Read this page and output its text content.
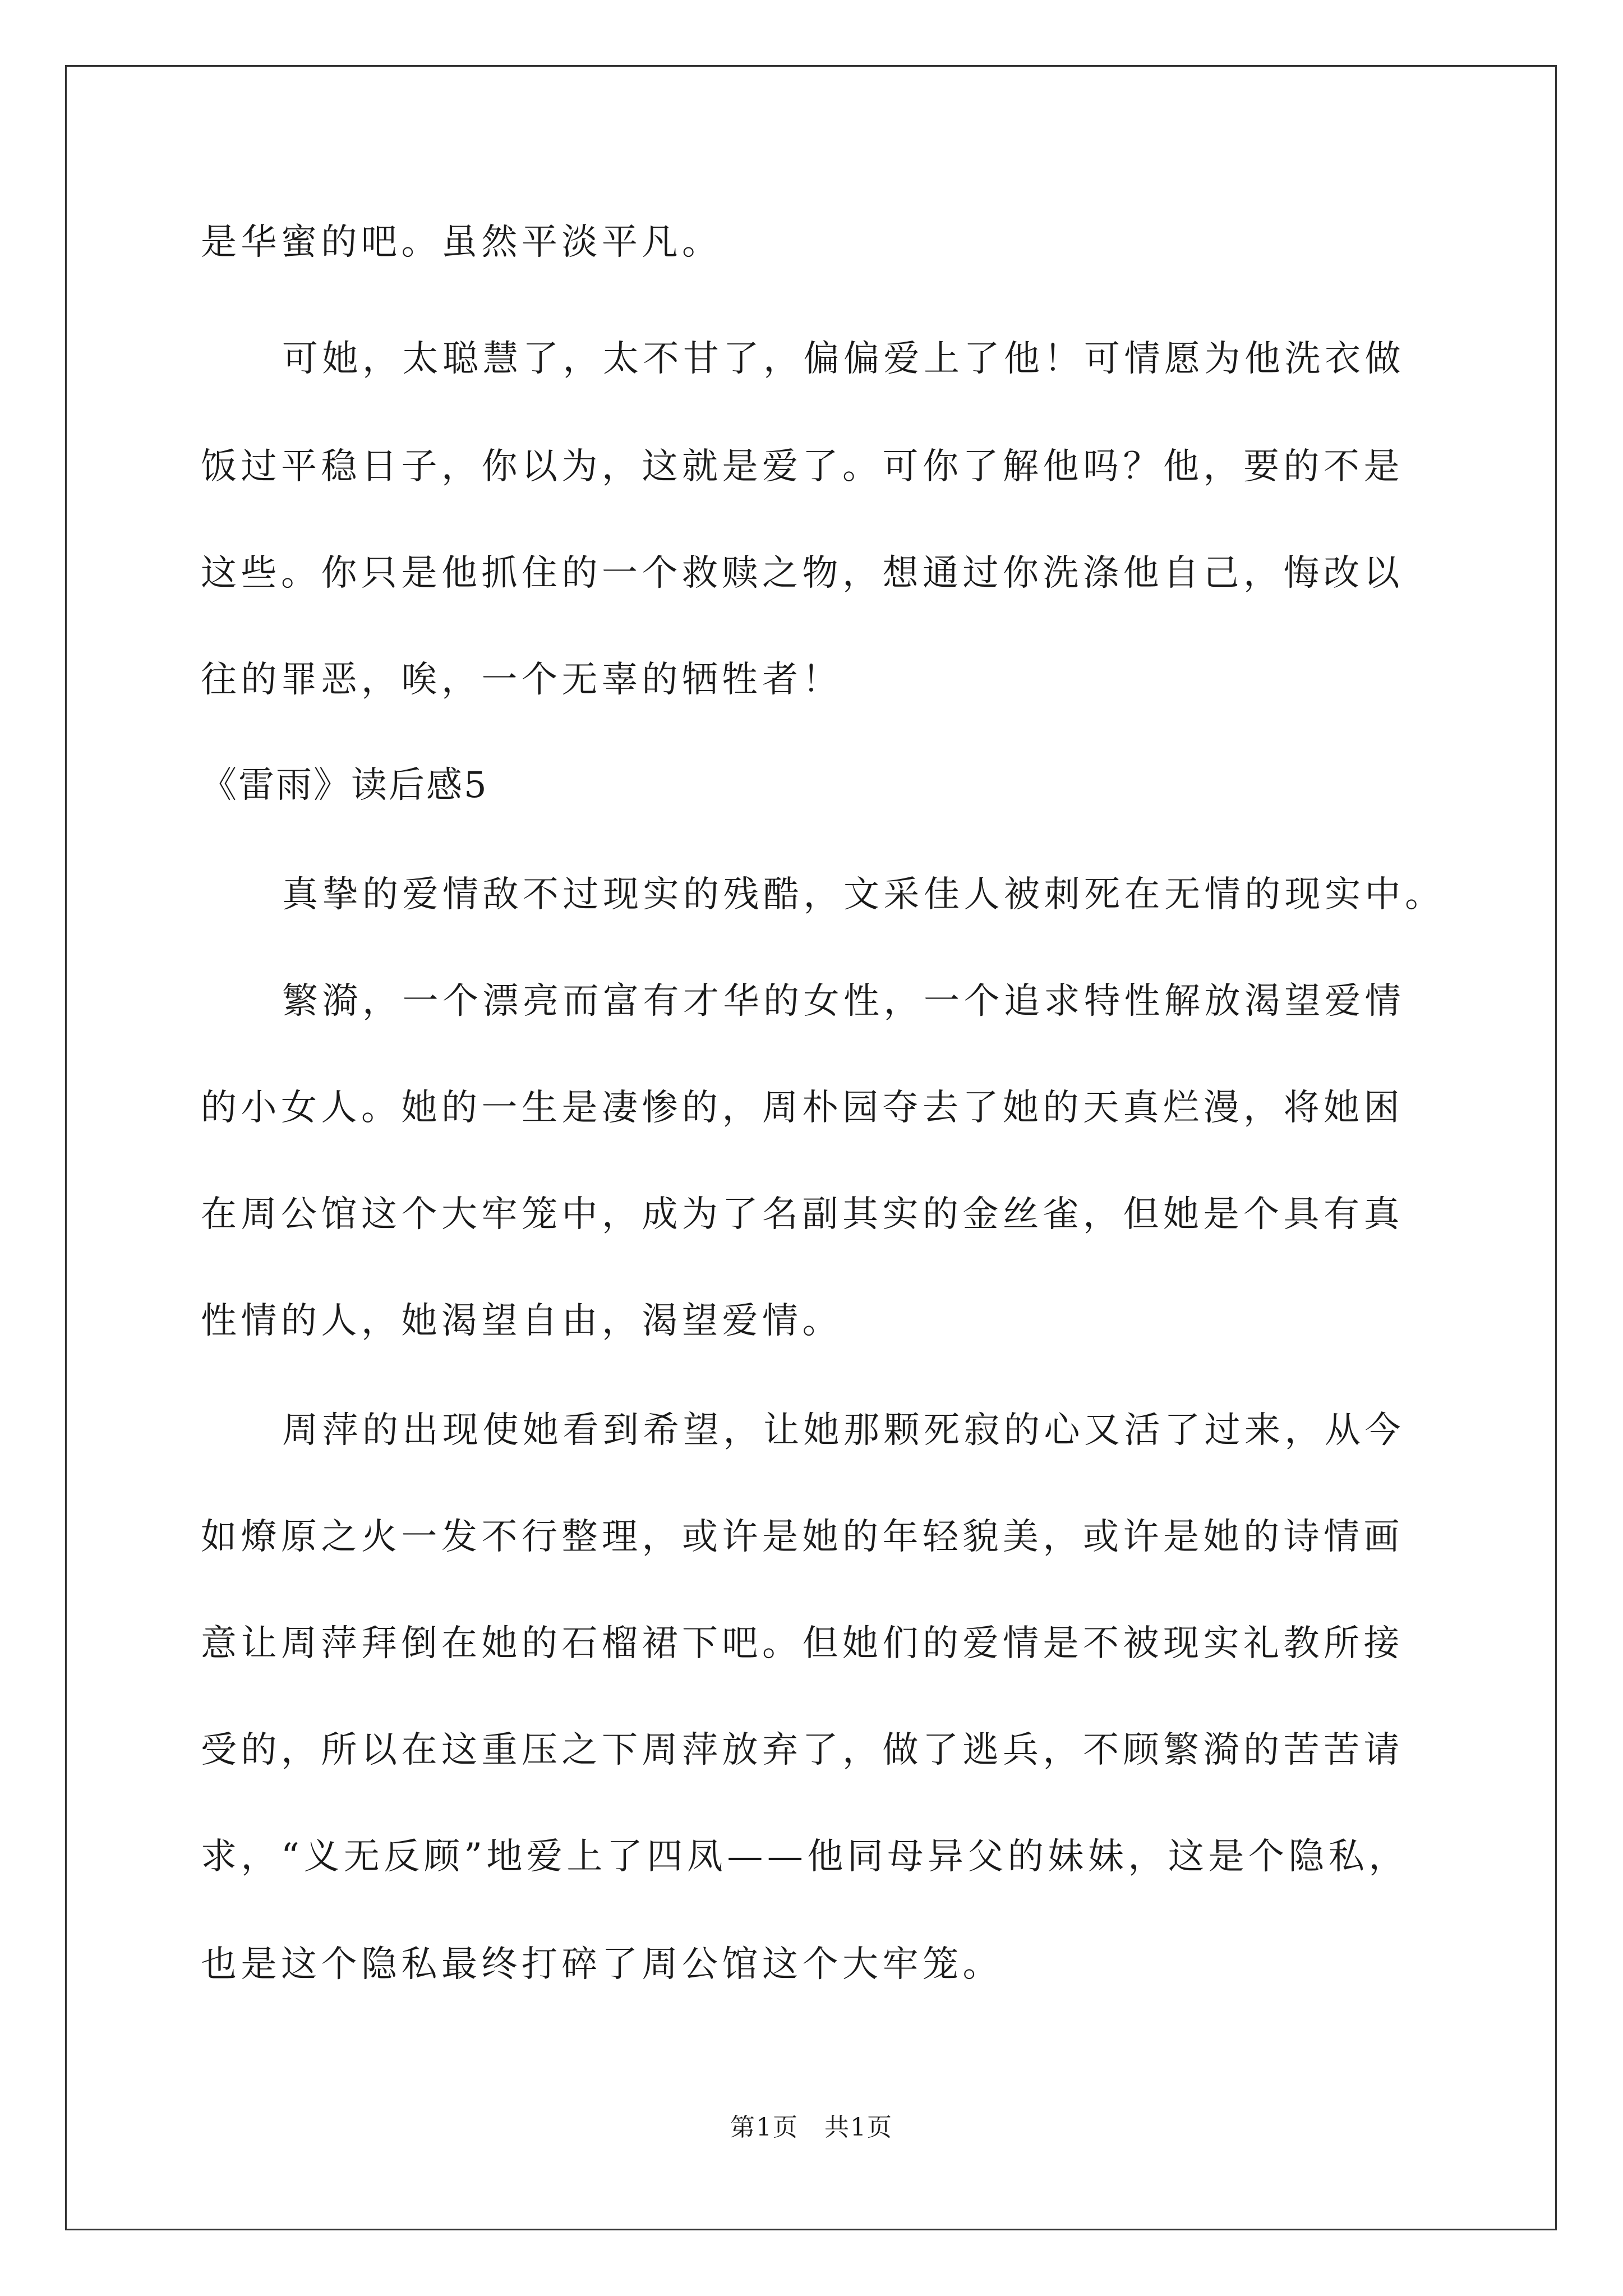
是华蜜的吧。虽然平淡平凡。
可她，太聪慧了，太不甘了，偏偏爱上了他！可情愿为他洗衣做
饭过平稳日子，你以为，这就是爱了。可你了解他吗？他，要的不是
这些。你只是他抓住的一个救赎之物，想通过你洗涤他自己，悔改以
往的罪恶，唉，一个无辜的牺牲者！
《雷雨》读后感5
真挚的爱情敌不过现实的残酷，文采佳人被刺死在无情的现实中。
繁漪，一个漂亮而富有才华的女性，一个追求特性解放渴望爱情
的小女人。她的一生是凄惨的，周朴园夺去了她的天真烂漫，将她困
在周公馆这个大牢笼中，成为了名副其实的金丝雀，但她是个具有真
性情的人，她渴望自由，渴望爱情。
周萍的出现使她看到希望，让她那颗死寂的心又活了过来，从今
如燎原之火一发不行整理，或许是她的年轻貌美，或许是她的诗情画
意让周萍拜倒在她的石榴裙下吧。但她们的爱情是不被现实礼教所接
受的，所以在这重压之下周萍放弃了，做了逃兵，不顾繁漪的苦苦请
求，“义无反顾”地爱上了四凤——他同母异父的妹妹，这是个隐私，
也是这个隐私最终打碎了周公馆这个大牢笼。
第1页　共1页
